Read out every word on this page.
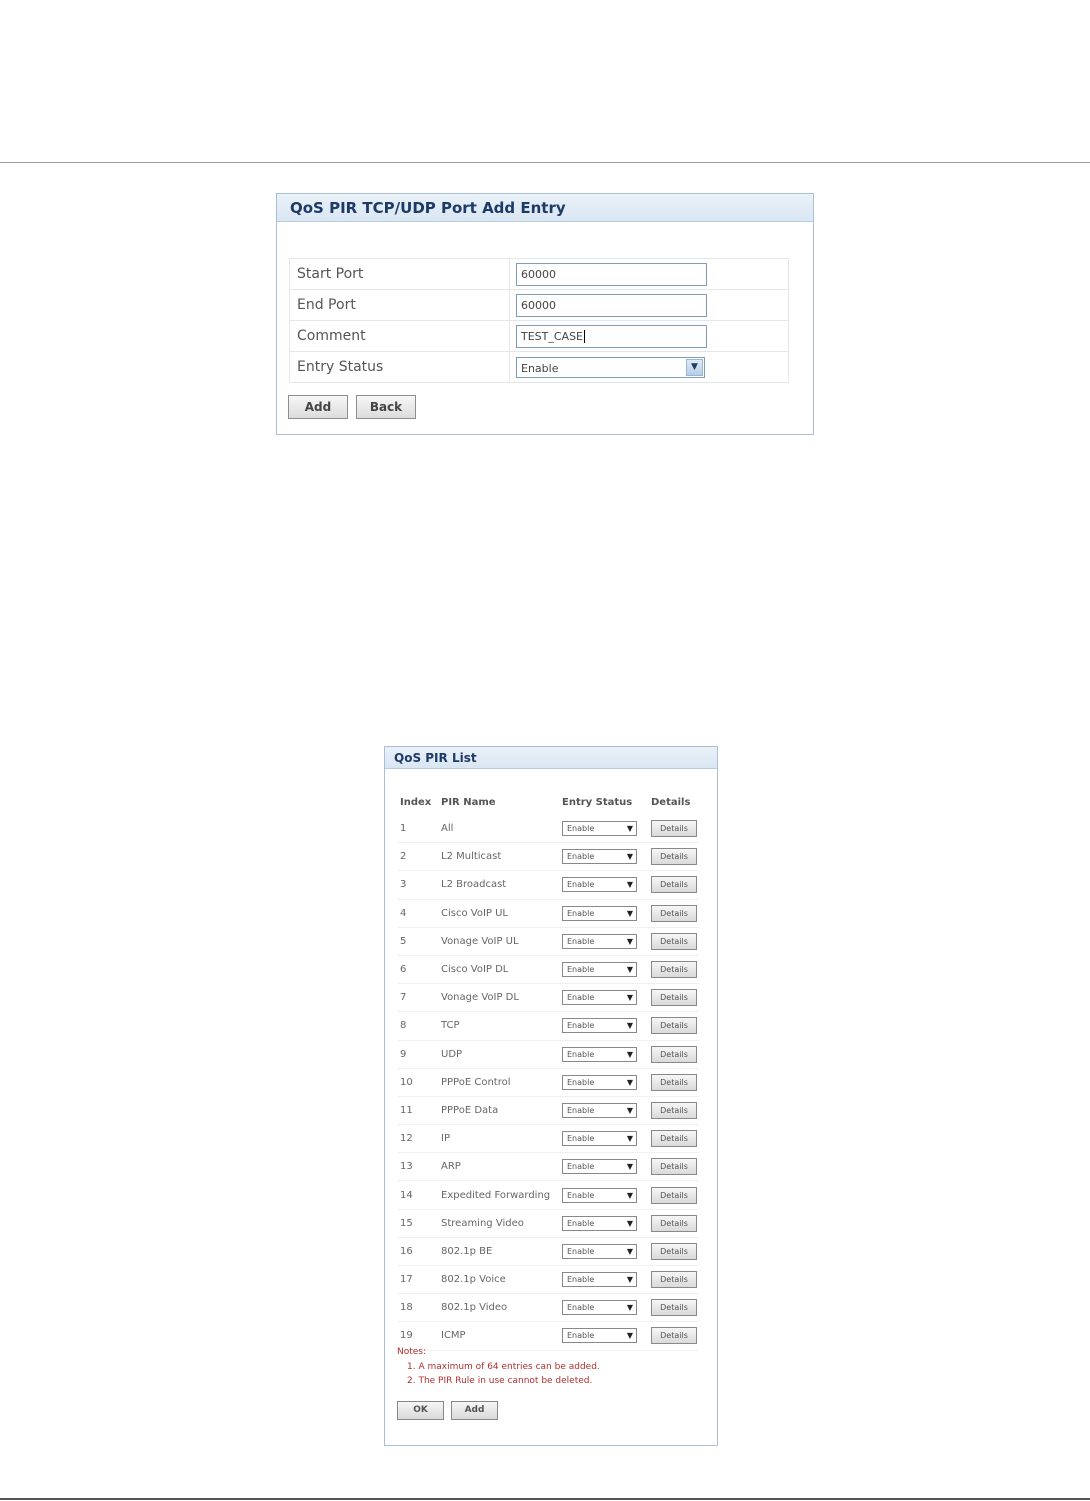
QoS PIR TCP/UDP Port Add Entry
Start Port	60000

End Port	60000

Comment	TEST_CASE

Entry Status	Enable ▼
Add	Back
QoS PIR List
Index	PIR Name	Entry Status	Details
1	All	Enable ▼	Details

2	L2 Multicast	Enable ▼	Details

3	L2 Broadcast	Enable ▼	Details

4	Cisco VoIP UL	Enable ▼	Details

5	Vonage VoIP UL	Enable ▼	Details

6	Cisco VoIP DL	Enable ▼	Details

7	Vonage VoIP DL	Enable ▼	Details

8	TCP	Enable ▼	Details

9	UDP	Enable ▼	Details

10	PPPoE Control	Enable ▼	Details

11	PPPoE Data	Enable ▼	Details

12	IP	Enable ▼	Details

13	ARP	Enable ▼	Details

14	Expedited Forwarding	Enable ▼	Details

15	Streaming Video	Enable ▼	Details

16	802.1p BE	Enable ▼	Details

17	802.1p Voice	Enable ▼	Details

18	802.1p Video	Enable ▼	Details

19	ICMP	Enable ▼	Details
Notes:
1. A maximum of 64 entries can be added.
2. The PIR Rule in use cannot be deleted.
OK	Add
